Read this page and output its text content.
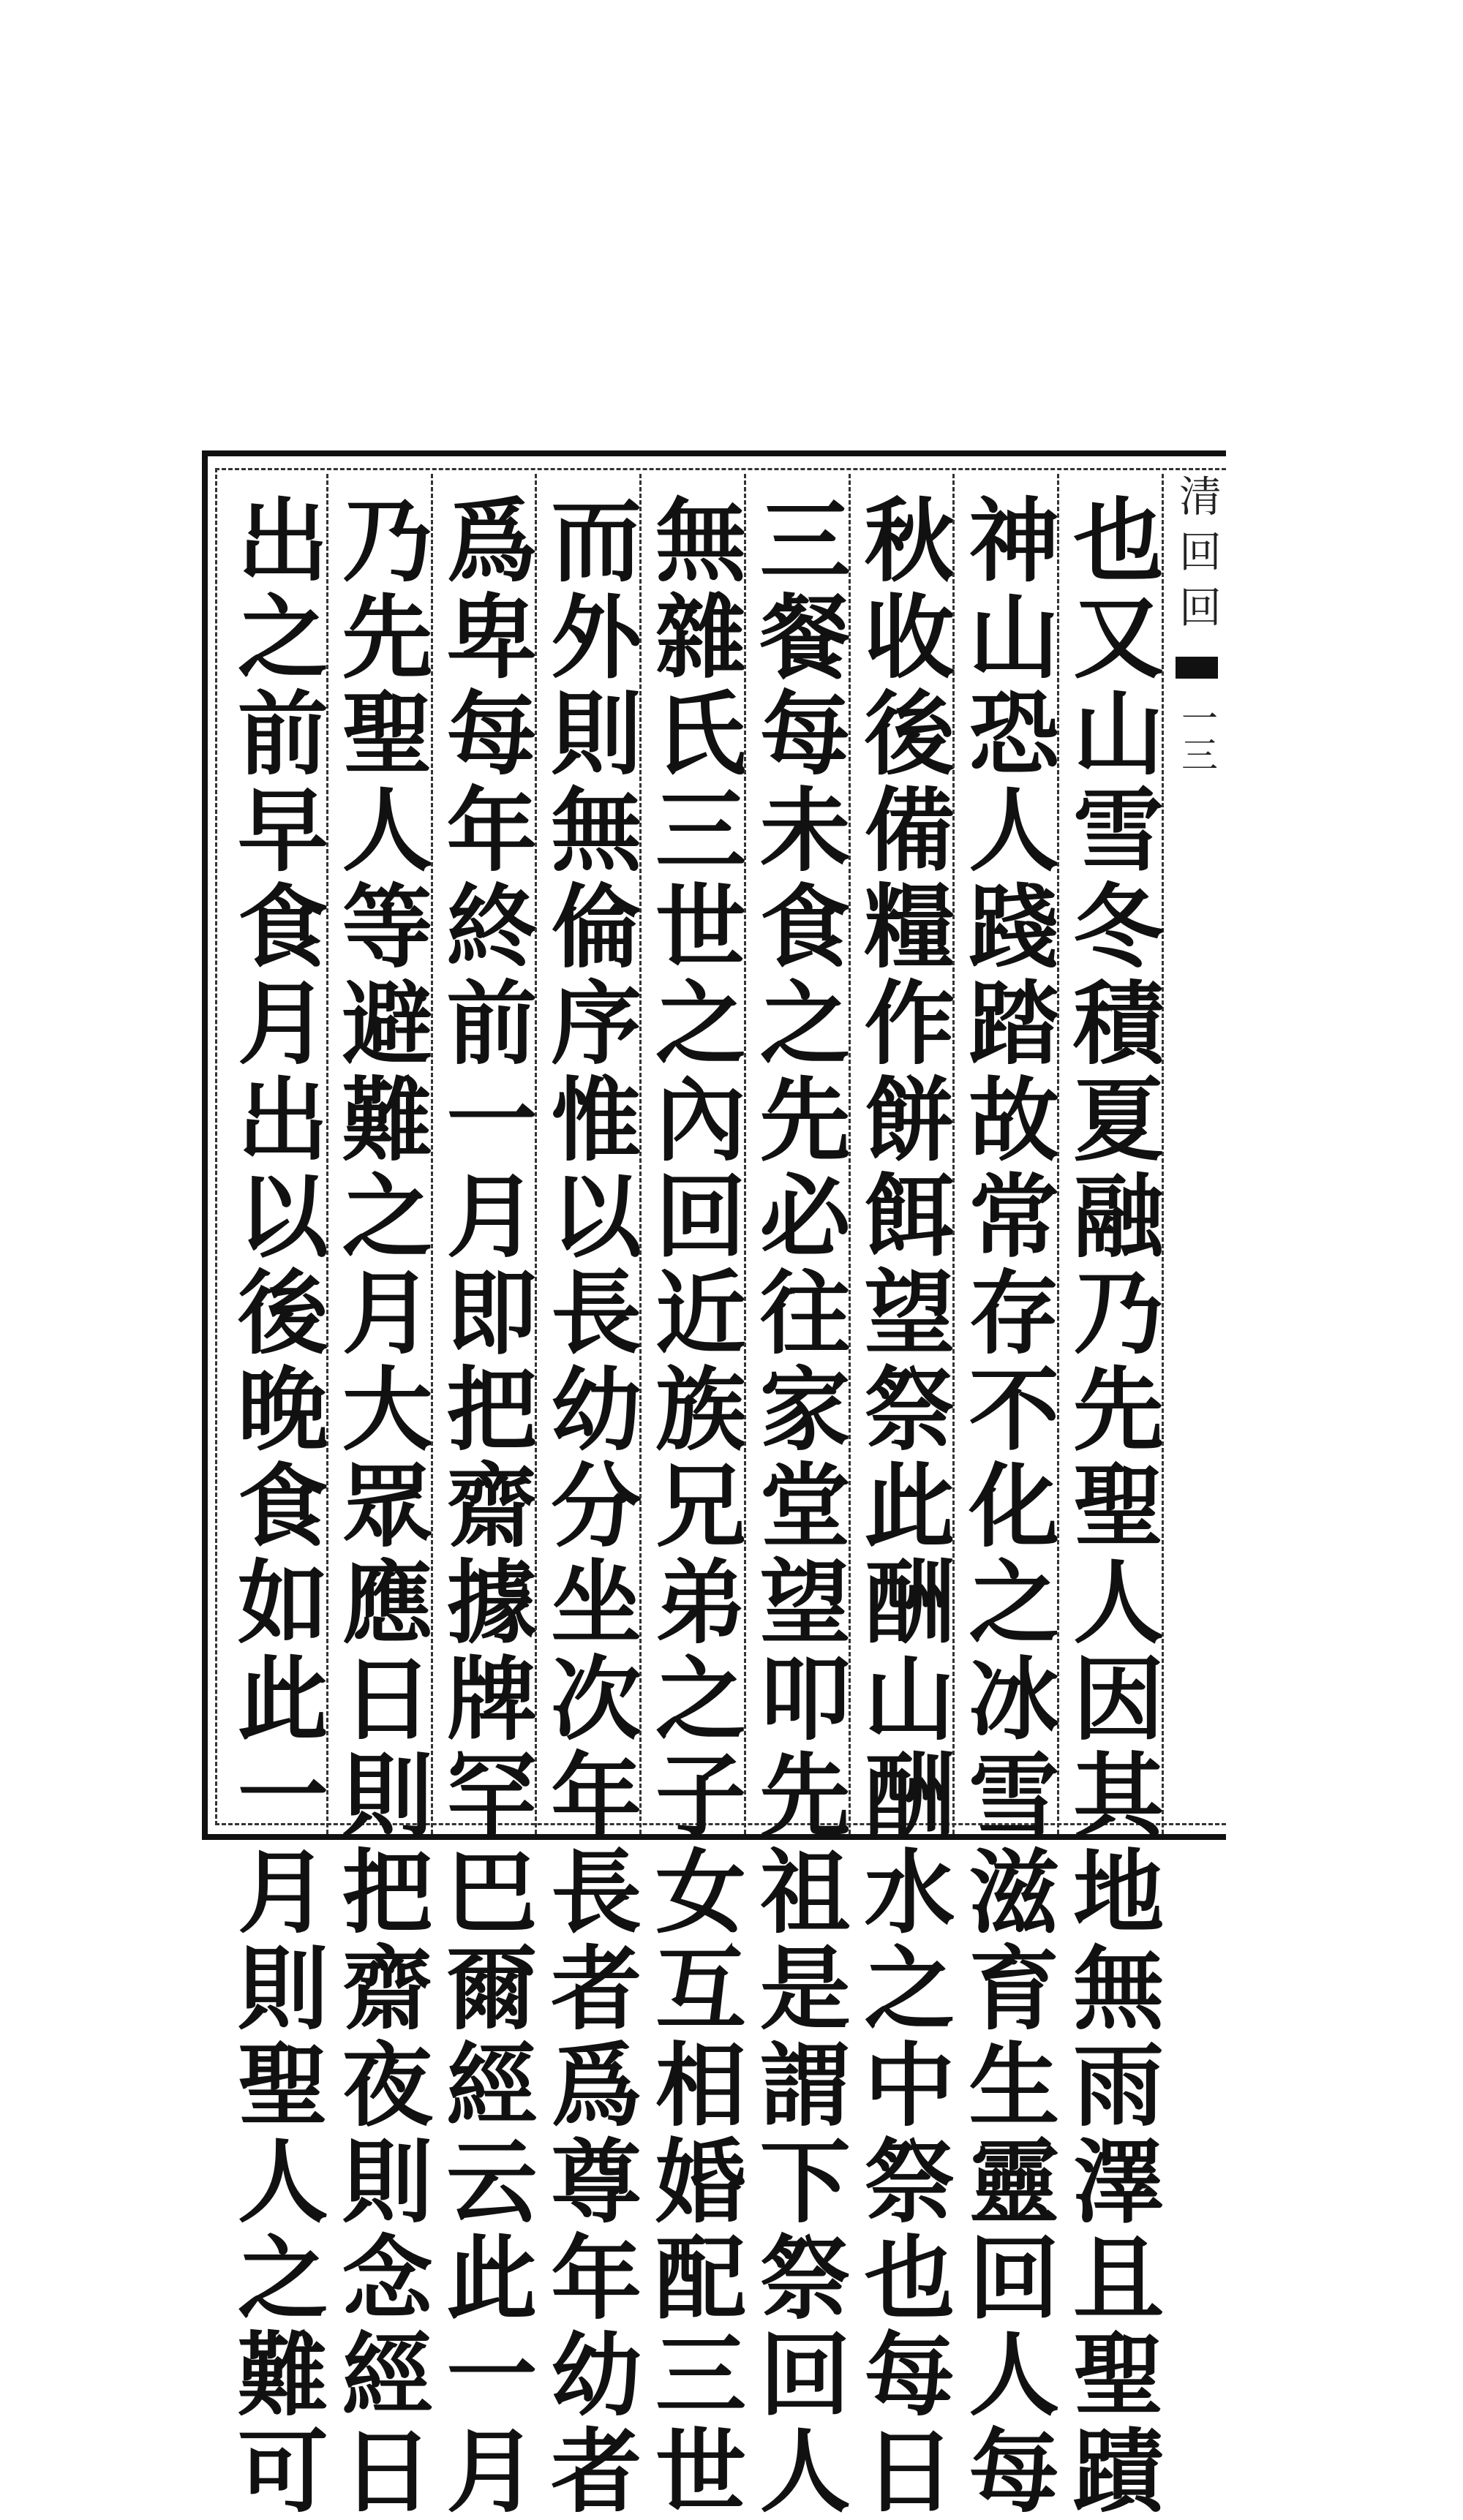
清回回
一三
也又山雪冬積夏融乃先聖人因其地無雨澤且聖蹟
神山恐人踐踏故常存不化之冰雪滋育生靈回人每
秋收後備糧作餅餌望祭此酬山酬水之中祭也每日
三餐每未食之先必往家堂望叩先祖是謂下祭回人
無雜氏三世之內回近族兄弟之子女互相婚配三世
而外則無倫序惟以長幼分坐次年長者爲尊年幼者
爲卑每年終前一月即把齋據牌罕巴爾經云此一月
乃先聖人等避難之月大眾應日則把齋夜則念經日
出之前早食月出以後晚食如此一月則聖人之難可
